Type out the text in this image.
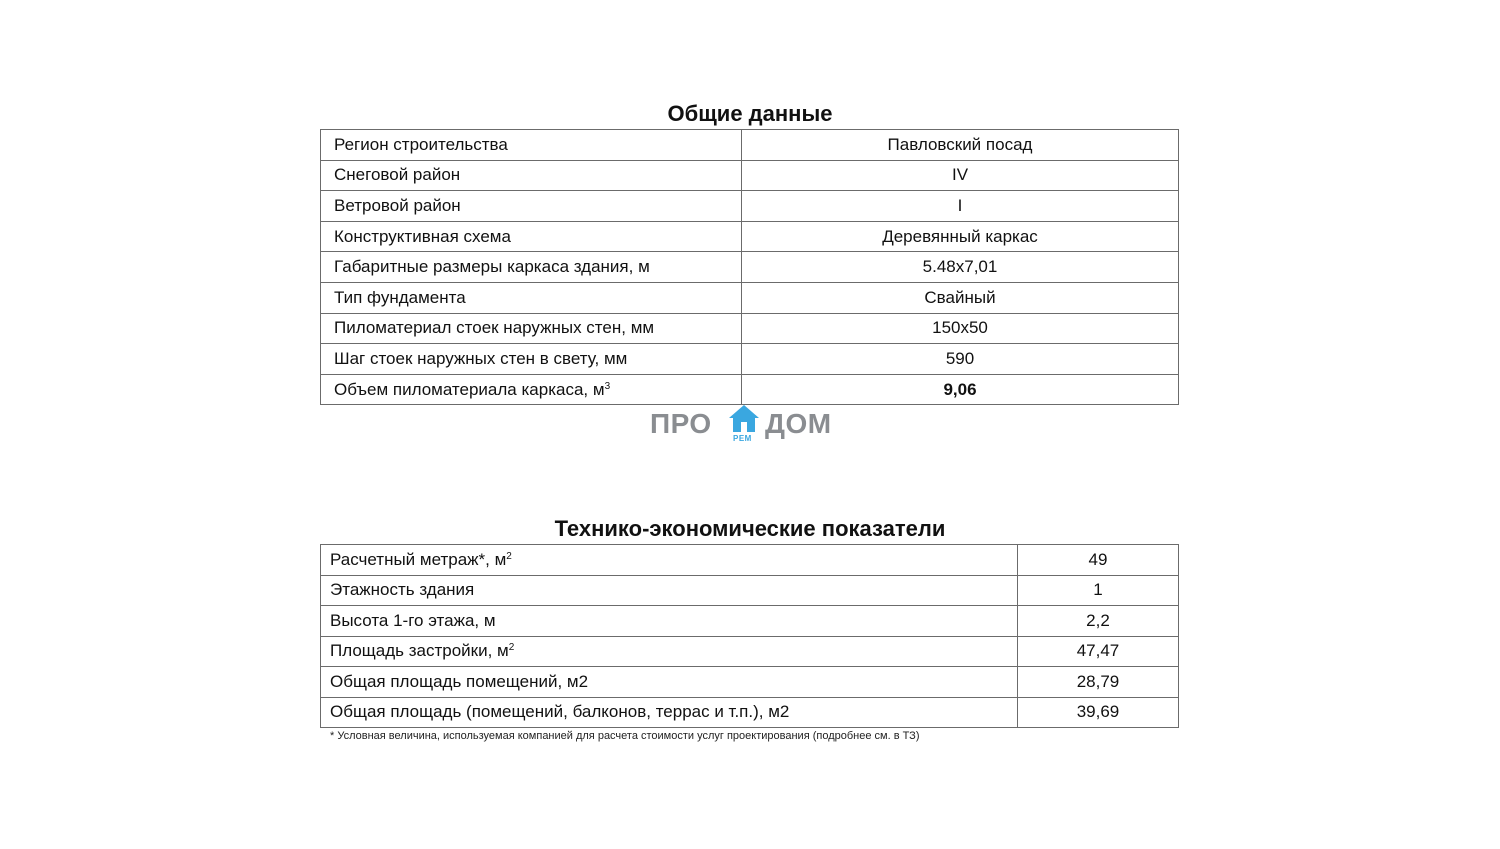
Общие данные
Регион строительства	Павловский посад
Снеговой район	IV
Ветровой район	I
Конструктивная схема	Деревянный каркас
Габаритные размеры каркаса здания, м	5.48х7,01
Тип фундамента	Свайный
Пиломатериал стоек наружных стен, мм	150х50
Шаг стоек наружных стен в свету, мм	590
Объем пиломатериала каркаса, $м^3$	9,06
ПРО	РЕМ ДОМ
Технико-экономические показатели
Расчетный метраж*, $м^2$	49
Этажность здания	1
Высота 1-го этажа, м	2,2
Площадь застройки, $м^2$	47,47
Общая площадь помещений, м2	28,79
Общая площадь (помещений, балконов, террас и т.п.), м2	39,69
* Условная величина, используемая компанией для расчета стоимости услуг проектирования (подробнее см. в ТЗ)
